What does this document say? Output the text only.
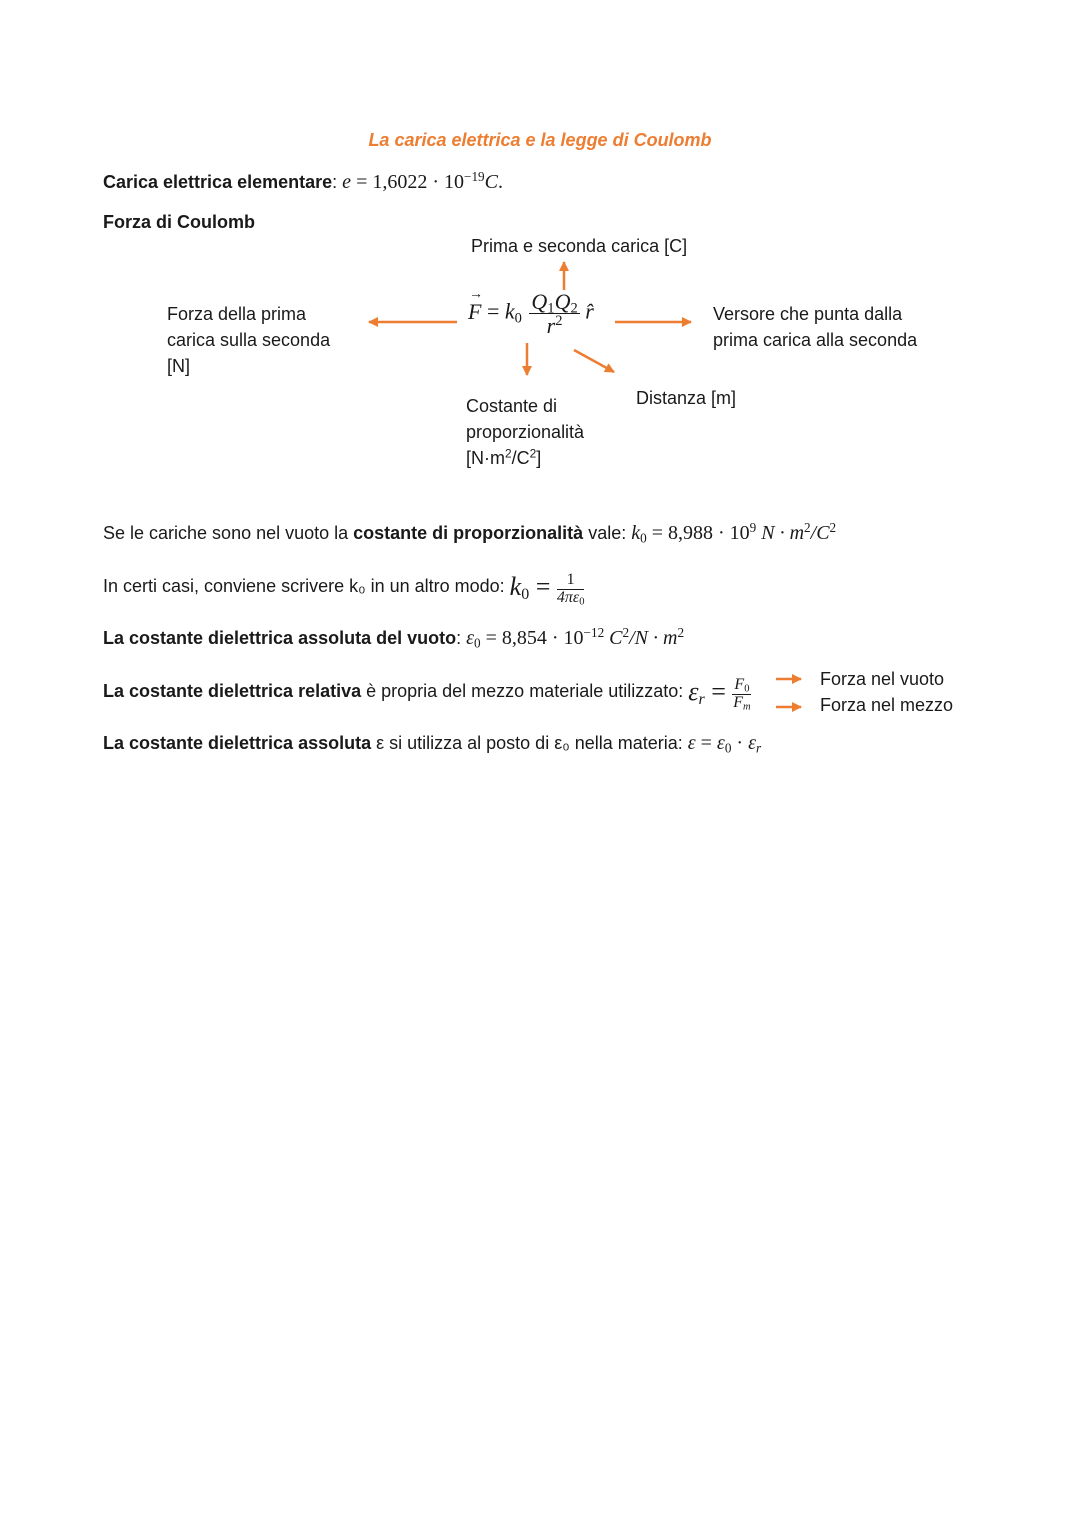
La carica elettrica e la legge di Coulomb
Carica elettrica elementare: $e = 1,6022 \cdot 10^{-19}C$.
Forza di Coulomb
Prima e seconda carica [C]
Forza della prima carica sulla seconda [N]
Versore che punta dalla prima carica alla seconda
Costante di
proporzionalità
$[N\cdot m^2/C^2]$
Distanza [m]
F
→
= $k_0 \frac{Q_1Q_2}{r^2}$ r̂
Se le cariche sono nel vuoto la costante di proporzionalità vale: $k_0 = 8,988 \cdot 10^9$ $N \cdot m^2/C^2$
In certi casi, conviene scrivere k₀ in un altro modo: $k_0 = \frac{1}{4\pi\varepsilon_0}$
La costante dielettrica assoluta del vuoto: $\varepsilon_0 = 8,854 \cdot 10^{-12}$ $C^2/N \cdot m^2$
La costante dielettrica relativa è propria del mezzo materiale utilizzato: $\varepsilon_r = \frac{F_0}{F_m}$	Forza nel vuoto
Forza nel mezzo
La costante dielettrica assoluta ε si utilizza al posto di ε₀ nella materia: $\varepsilon = \varepsilon_0 \cdot \varepsilon_r$
